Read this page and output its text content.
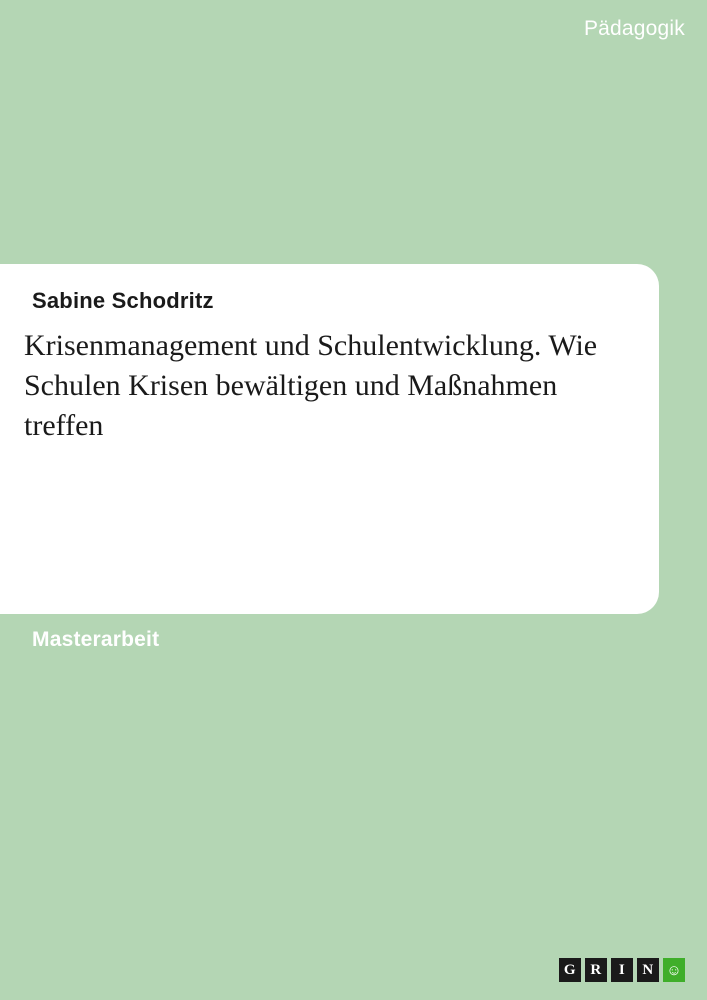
Pädagogik
Sabine Schodritz
Krisenmanagement und Schulentwicklung. Wie Schulen Krisen bewältigen und Maßnahmen treffen
Masterarbeit
G R	I	N ☺
